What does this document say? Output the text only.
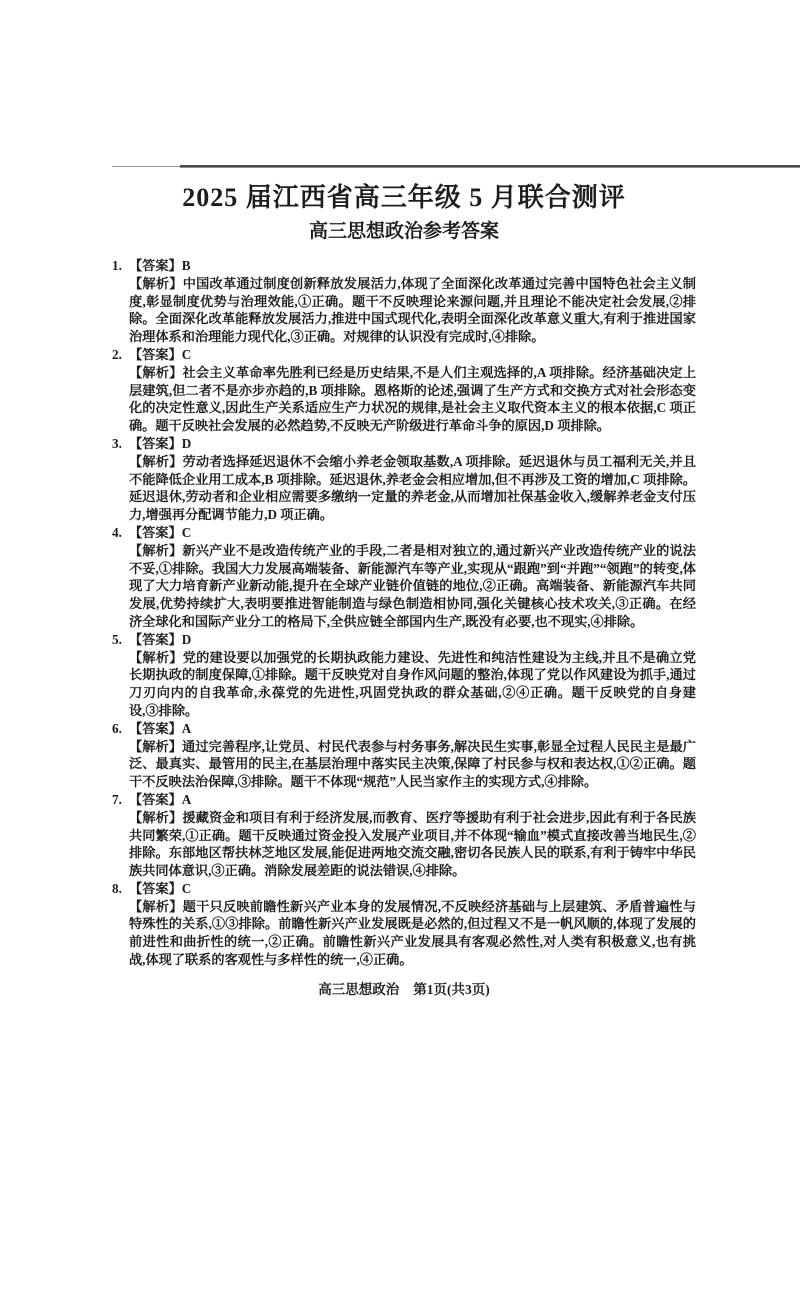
2025 届江西省高三年级 5 月联合测评
高三思想政治参考答案
1. 【答案】B

【解析】中国改革通过制度创新释放发展活力,体现了全面深化改革通过完善中国特色社会主义制度,彰显制度优势与治理效能,①正确。题干不反映理论来源问题,并且理论不能决定社会发展,②排除。全面深化改革能释放发展活力,推进中国式现代化,表明全面深化改革意义重大,有利于推进国家治理体系和治理能力现代化,③正确。对规律的认识没有完成时,④排除。

2. 【答案】C

【解析】社会主义革命率先胜利已经是历史结果,不是人们主观选择的,A 项排除。经济基础决定上层建筑,但二者不是亦步亦趋的,B 项排除。恩格斯的论述,强调了生产方式和交换方式对社会形态变化的决定性意义,因此生产关系适应生产力状况的规律,是社会主义取代资本主义的根本依据,C 项正确。题干反映社会发展的必然趋势,不反映无产阶级进行革命斗争的原因,D 项排除。

3. 【答案】D

【解析】劳动者选择延迟退休不会缩小养老金领取基数,A 项排除。延迟退休与员工福利无关,并且不能降低企业用工成本,B 项排除。延迟退休,养老金会相应增加,但不再涉及工资的增加,C 项排除。延迟退休,劳动者和企业相应需要多缴纳一定量的养老金,从而增加社保基金收入,缓解养老金支付压力,增强再分配调节能力,D 项正确。

4. 【答案】C

【解析】新兴产业不是改造传统产业的手段,二者是相对独立的,通过新兴产业改造传统产业的说法不妥,①排除。我国大力发展高端装备、新能源汽车等产业,实现从“跟跑”到“并跑”“领跑”的转变,体现了大力培育新产业新动能,提升在全球产业链价值链的地位,②正确。高端装备、新能源汽车共同发展,优势持续扩大,表明要推进智能制造与绿色制造相协同,强化关键核心技术攻关,③正确。在经济全球化和国际产业分工的格局下,全供应链全部国内生产,既没有必要,也不现实,④排除。

5. 【答案】D

【解析】党的建设要以加强党的长期执政能力建设、先进性和纯洁性建设为主线,并且不是确立党长期执政的制度保障,①排除。题干反映党对自身作风问题的整治,体现了党以作风建设为抓手,通过刀刃向内的自我革命,永葆党的先进性,巩固党执政的群众基础,②④正确。题干反映党的自身建设,③排除。

6. 【答案】A

【解析】通过完善程序,让党员、村民代表参与村务事务,解决民生实事,彰显全过程人民民主是最广泛、最真实、最管用的民主,在基层治理中落实民主决策,保障了村民参与权和表达权,①②正确。题干不反映法治保障,③排除。题干不体现“规范”人民当家作主的实现方式,④排除。

7. 【答案】A

【解析】援藏资金和项目有利于经济发展,而教育、医疗等援助有利于社会进步,因此有利于各民族共同繁荣,①正确。题干反映通过资金投入发展产业项目,并不体现“输血”模式直接改善当地民生,②排除。东部地区帮扶林芝地区发展,能促进两地交流交融,密切各民族人民的联系,有利于铸牢中华民族共同体意识,③正确。消除发展差距的说法错误,④排除。

8. 【答案】C

【解析】题干只反映前瞻性新兴产业本身的发展情况,不反映经济基础与上层建筑、矛盾普遍性与特殊性的关系,①③排除。前瞻性新兴产业发展既是必然的,但过程又不是一帆风顺的,体现了发展的前进性和曲折性的统一,②正确。前瞻性新兴产业发展具有客观必然性,对人类有积极意义,也有挑战,体现了联系的客观性与多样性的统一,④正确。

高三思想政治 第1页(共3页)
